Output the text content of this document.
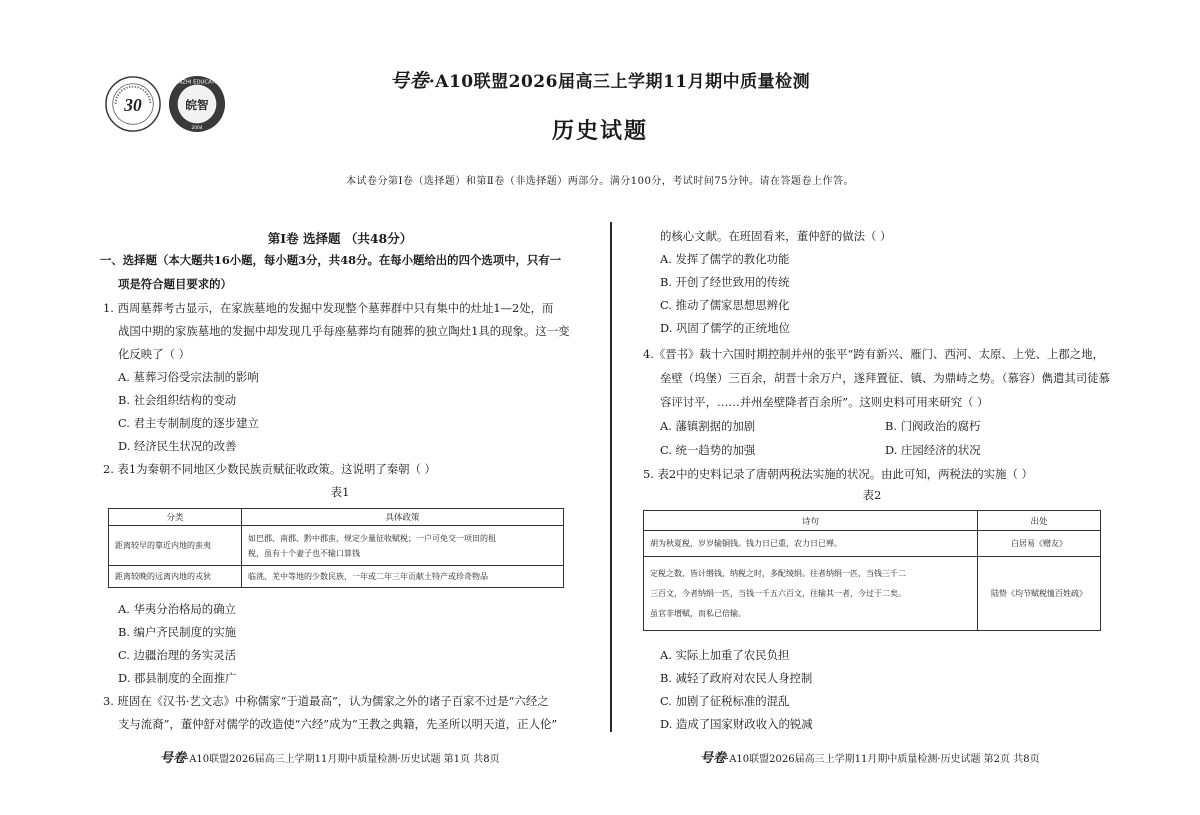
30
WANZHI EDUCATION
皖智
2004
号卷·A10联盟2026届高三上学期11月期中质量检测
历史试题
本试卷分第Ⅰ卷（选择题）和第Ⅱ卷（非选择题）两部分。满分100分，考试时间75分钟。请在答题卷上作答。
第Ⅰ卷 选择题 （共48分）
一、选择题（本大题共16小题，每小题3分，共48分。在每小题给出的四个选项中，只有一
项是符合题目要求的）
1. 西周墓葬考古显示，在家族墓地的发掘中发现整个墓葬群中只有集中的灶址1—2处，而
战国中期的家族墓地的发掘中却发现几乎每座墓葬均有随葬的独立陶灶1具的现象。这一变
化反映了（ ）
A. 墓葬习俗受宗法制的影响
B. 社会组织结构的变动
C. 君主专制制度的逐步建立
D. 经济民生状况的改善
2. 表1为秦朝不同地区少数民族贡赋征收政策。这说明了秦朝（ ）
表1
分类	具体政策
距离较早的靠近内地的蛮夷	如巴郡、南郡、黔中郡蛮，规定少量征收赋税；一户可免交一项田的租
税，虽有十个妻子也不输口算钱

距离较晚的远离内地的戎狄	临洮、羌中等地的少数民族，一年或二年三年贡献土特产或珍奇物品
A. 华夷分治格局的确立
B. 编户齐民制度的实施
C. 边疆治理的务实灵活
D. 郡县制度的全面推广
3. 班固在《汉书·艺文志》中称儒家“于道最高”，认为儒家之外的诸子百家不过是“六经之
支与流裔”，董仲舒对儒学的改造使“六经”成为“王教之典籍，先圣所以明天道，正人伦”
号卷·A10联盟2026届高三上学期11月期中质量检测·历史试题 第1页 共8页
的核心文献。在班固看来，董仲舒的做法（ ）
A. 发挥了儒学的教化功能
B. 开创了经世致用的传统
C. 推动了儒家思想思辨化
D. 巩固了儒学的正统地位
4.《晋书》载十六国时期控制并州的张平“跨有新兴、雁门、西河、太原、上党、上郡之地，
垒壁（坞堡）三百余，胡晋十余万户，遂拜置征、镇、为鼎峙之势。（慕容）儁遣其司徒慕
容评讨平，……并州垒壁降者百余所”。这则史料可用来研究（ ）
A. 藩镇割据的加剧	B. 门阀政治的腐朽
C. 统一趋势的加强	D. 庄园经济的状况
5. 表2中的史料记录了唐朝两税法实施的状况。由此可知，两税法的实施（ ）
表2
诗句	出处
胡为秋夏税，岁岁输铜钱。钱力日已重，农力日已殚。	白居易《赠友》

定税之数，皆计缗钱，纳税之时，多配绫绢。往者纳绢一匹，当钱三千二
三百文，今者纳绢一匹，当钱一千五六百文，往输其一者，今过于二矣。
虽官非增赋，而私已倍输。	陆贽《均节赋税恤百姓疏》
A. 实际上加重了农民负担
B. 减轻了政府对农民人身控制
C. 加剧了征税标准的混乱
D. 造成了国家财政收入的锐减
号卷·A10联盟2026届高三上学期11月期中质量检测·历史试题 第2页 共8页
